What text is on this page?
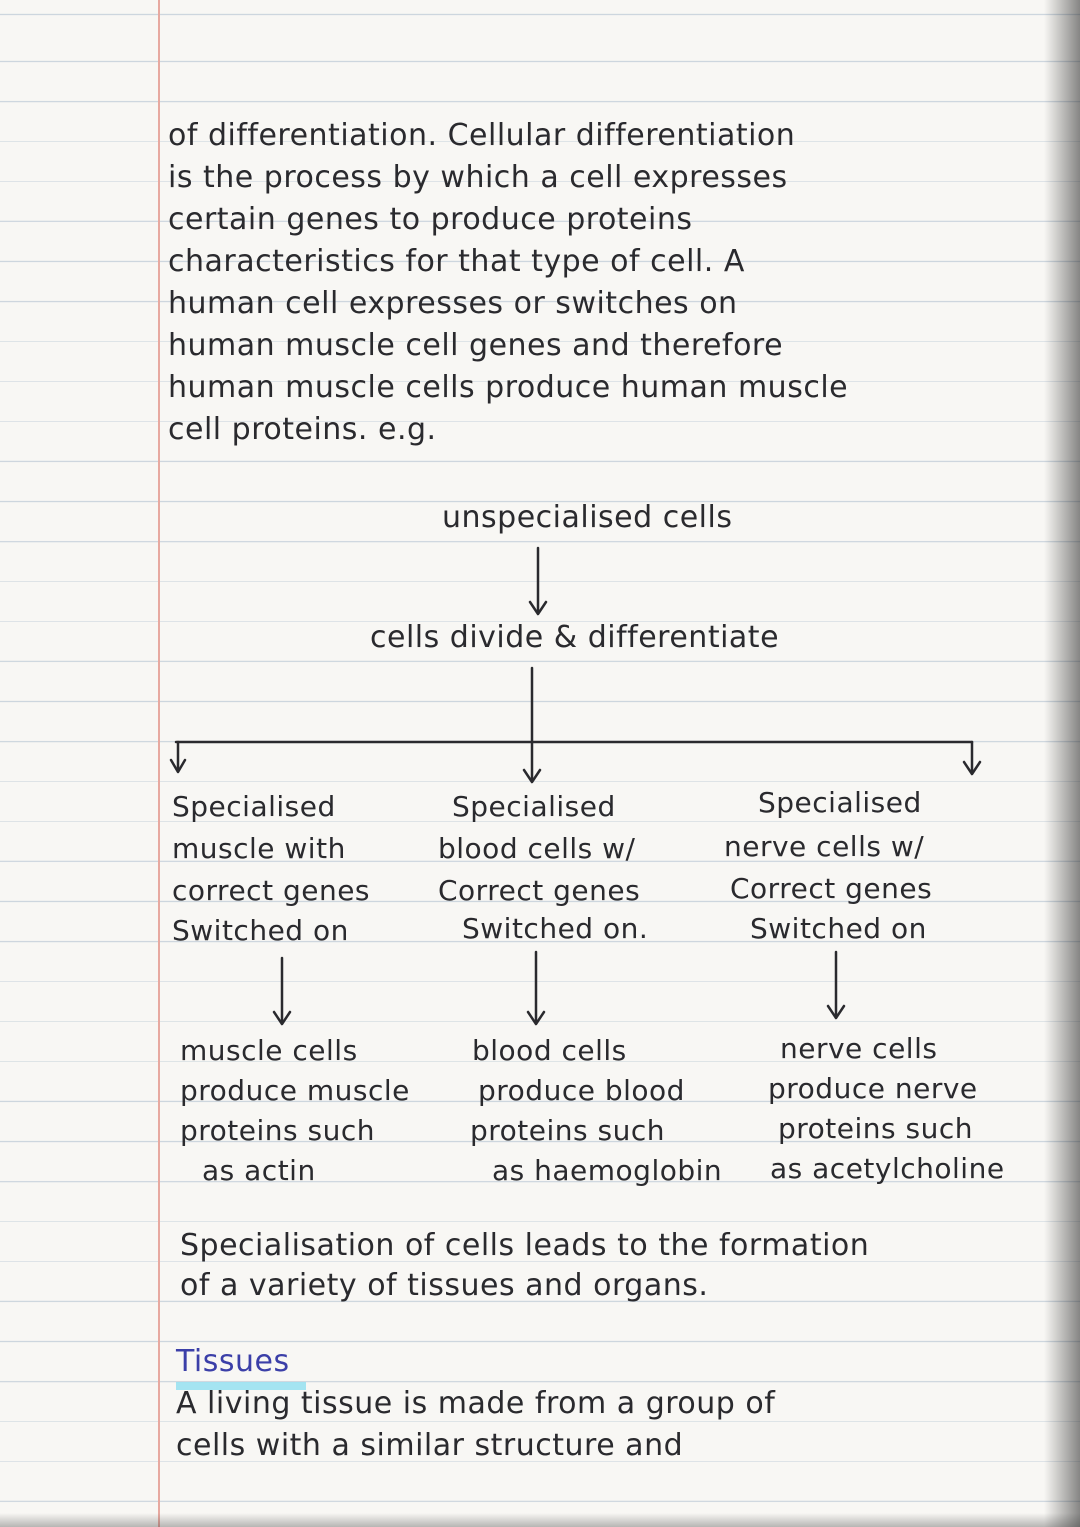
of differentiation. Cellular differentiation

is the process by which a cell expresses

certain genes to produce proteins

characteristics for that type of cell. A

human cell expresses or switches on

human muscle cell genes and therefore

human muscle cells produce human muscle

cell proteins. e.g.

unspecialised cells

cells divide & differentiate

Specialised

muscle with

correct genes

Switched on

Specialised

blood cells w/

Correct genes

Switched on.

Specialised

nerve cells w/

Correct genes

Switched on

muscle cells

produce muscle

proteins such

as actin

blood cells

produce blood

proteins such

as haemoglobin

nerve cells

produce nerve

proteins such

as acetylcholine

Specialisation of cells leads to the formation

of a variety of tissues and organs.

Tissues

A living tissue is made from a group of

cells with a similar structure and
